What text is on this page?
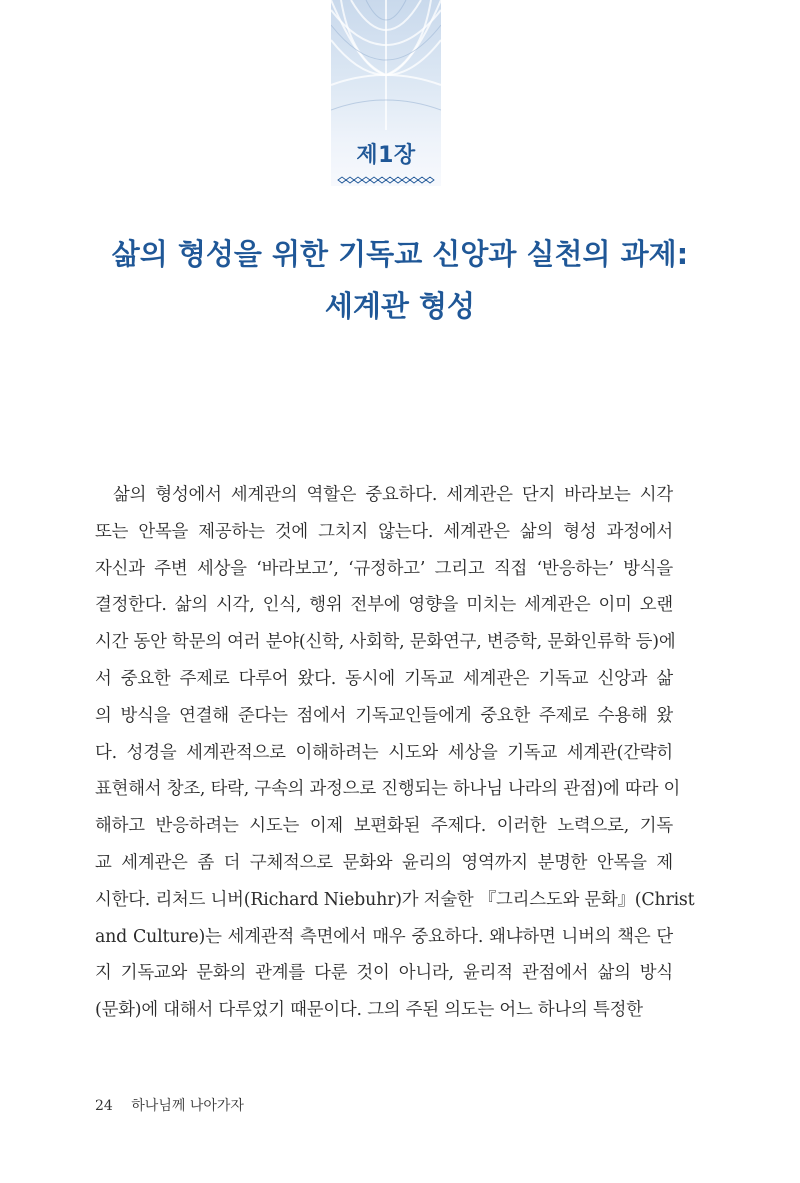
제1장
삶의 형성을 위한 기독교 신앙과 실천의 과제:
세계관 형성
삶의 형성에서 세계관의 역할은 중요하다. 세계관은 단지 바라보는 시각
또는 안목을 제공하는 것에 그치지 않는다. 세계관은 삶의 형성 과정에서
자신과 주변 세상을 ‘바라보고’, ‘규정하고’ 그리고 직접 ‘반응하는’ 방식을
결정한다. 삶의 시각, 인식, 행위 전부에 영향을 미치는 세계관은 이미 오랜
시간 동안 학문의 여러 분야(신학, 사회학, 문화연구, 변증학, 문화인류학 등)에
서 중요한 주제로 다루어 왔다. 동시에 기독교 세계관은 기독교 신앙과 삶
의 방식을 연결해 준다는 점에서 기독교인들에게 중요한 주제로 수용해 왔
다. 성경을 세계관적으로 이해하려는 시도와 세상을 기독교 세계관(간략히
표현해서 창조, 타락, 구속의 과정으로 진행되는 하나님 나라의 관점)에 따라 이
해하고 반응하려는 시도는 이제 보편화된 주제다. 이러한 노력으로, 기독
교 세계관은 좀 더 구체적으로 문화와 윤리의 영역까지 분명한 안목을 제
시한다. 리처드 니버(Richard Niebuhr)가 저술한 『그리스도와 문화』(Christ
and Culture)는 세계관적 측면에서 매우 중요하다. 왜냐하면 니버의 책은 단
지 기독교와 문화의 관계를 다룬 것이 아니라, 윤리적 관점에서 삶의 방식
(문화)에 대해서 다루었기 때문이다. 그의 주된 의도는 어느 하나의 특정한
24 하나님께 나아가자
